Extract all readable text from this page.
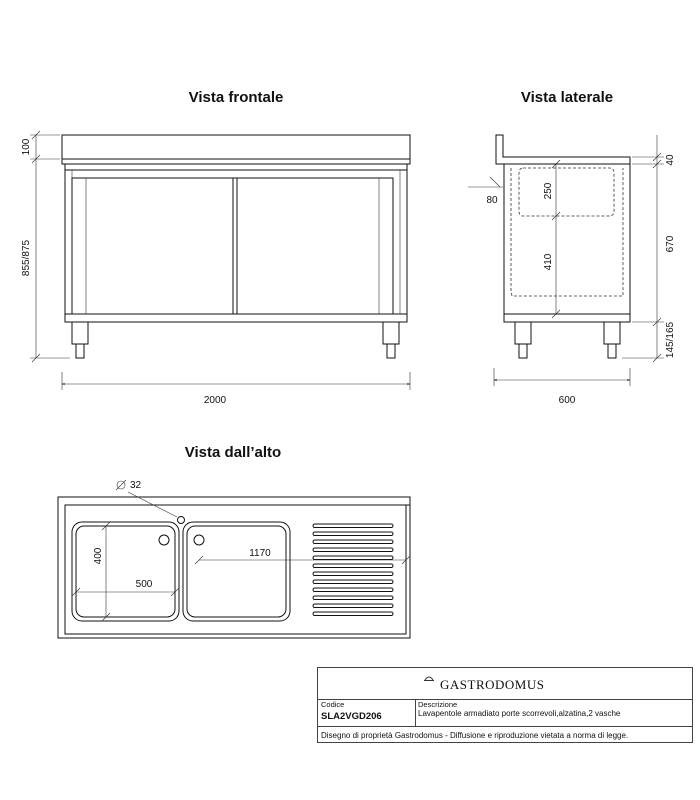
Vista frontale	Vista laterale
Vista dall’alto
100
855/875
2000
250
410
80
40
670
145/165
600
32
400
500
1170
GASTRODOMUS
Codice
SLA2VGD206
Descrizione
Lavapentole armadiato porte scorrevoli,alzatina,2 vasche
Disegno di proprietà Gastrodomus - Diffusione e riproduzione vietata a norma di legge.
